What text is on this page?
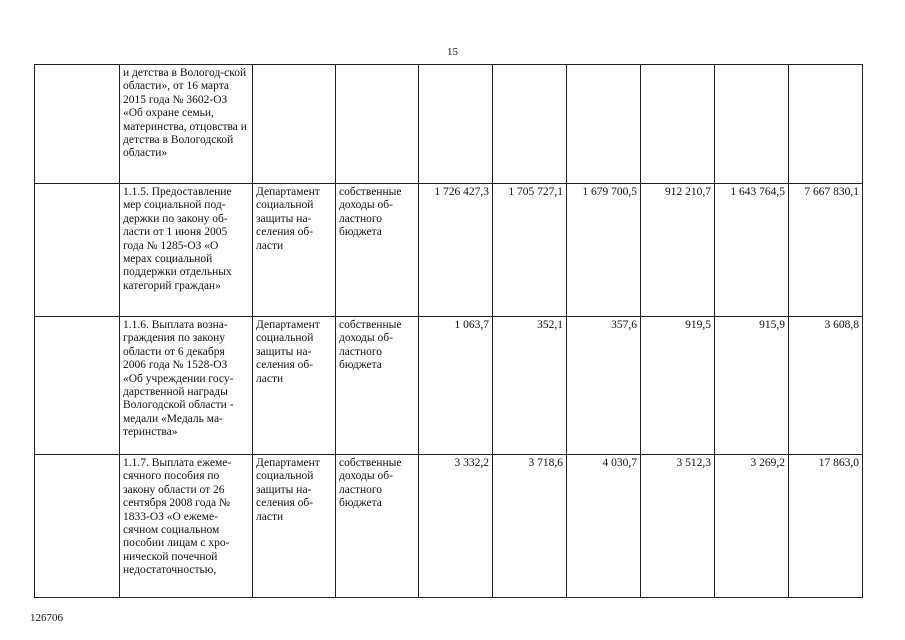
15
	и детства в Вологод-ской области», от 16 марта 2015 года № 3602-ОЗ «Об охране семьи, материнства, отцовства и детства в Вологодской области»								
	1.1.5. Предоставление мер социальной под-держки по закону об-ласти от 1 июня 2005 года № 1285-ОЗ «О мерах социальной поддержки отдельных категорий граждан»	Департамент социальной защиты на-селения об-ласти	собственные доходы об-ластного бюджета	1 726 427,3	1 705 727,1	1 679 700,5	912 210,7	1 643 764,5	7 667 830,1
	1.1.6. Выплата возна-граждения по закону области от 6 декабря 2006 года № 1528-ОЗ «Об учреждении госу-дарственной награды Вологодской области - медали «Медаль ма-теринства»	Департамент социальной защиты на-селения об-ласти	собственные доходы об-ластного бюджета	1 063,7	352,1	357,6	919,5	915,9	3 608,8
	1.1.7. Выплата ежеме-сячного пособия по закону области от 26 сентября 2008 года № 1833-ОЗ «О ежеме-сячном социальном пособии лицам с хро-нической почечной недостаточностью,	Департамент социальной защиты на-селения об-ласти	собственные доходы об-ластного бюджета	3 332,2	3 718,6	4 030,7	3 512,3	3 269,2	17 863,0
126706
